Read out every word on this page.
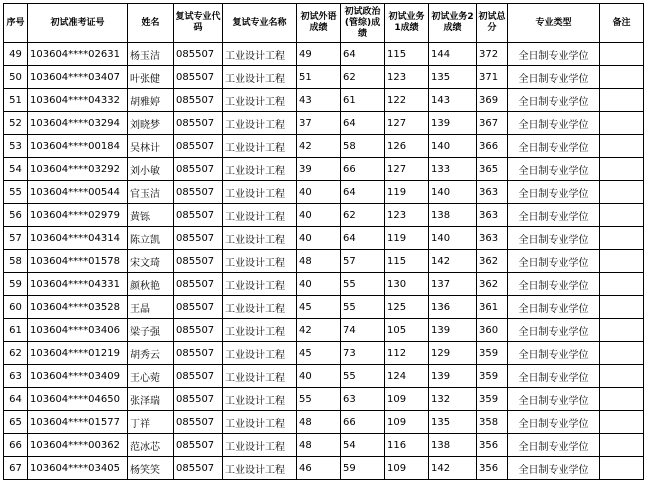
序号	初试准考证号	姓名	复试专业代码	复试专业名称	初试外语成绩	初试政治(管综)成绩	初试业务1成绩	初试业务2成绩	初试总分	专业类型	备注
49	103604****02631	杨玉洁	085507	工业设计工程	49	64	115	144	372	全日制专业学位	
50	103604****03407	叶张健	085507	工业设计工程	51	62	123	135	371	全日制专业学位	
51	103604****04332	胡雅婷	085507	工业设计工程	43	61	122	143	369	全日制专业学位	
52	103604****03294	刘晓梦	085507	工业设计工程	37	64	127	139	367	全日制专业学位	
53	103604****00184	吴林计	085507	工业设计工程	42	58	126	140	366	全日制专业学位	
54	103604****03292	刘小敏	085507	工业设计工程	39	66	127	133	365	全日制专业学位	
55	103604****00544	官玉洁	085507	工业设计工程	40	64	119	140	363	全日制专业学位	
56	103604****02979	黄铄	085507	工业设计工程	40	62	123	138	363	全日制专业学位	
57	103604****04314	陈立凯	085507	工业设计工程	40	64	119	140	363	全日制专业学位	
58	103604****01578	宋文琦	085507	工业设计工程	48	57	115	142	362	全日制专业学位	
59	103604****04331	颜秋艳	085507	工业设计工程	40	55	130	137	362	全日制专业学位	
60	103604****03528	王晶	085507	工业设计工程	45	55	125	136	361	全日制专业学位	
61	103604****03406	梁子强	085507	工业设计工程	42	74	105	139	360	全日制专业学位	
62	103604****01219	胡秀云	085507	工业设计工程	45	73	112	129	359	全日制专业学位	
63	103604****03409	王心菀	085507	工业设计工程	40	55	124	139	359	全日制专业学位	
64	103604****04650	张泽瑞	085507	工业设计工程	55	63	109	132	359	全日制专业学位	
65	103604****01577	丁祥	085507	工业设计工程	48	66	109	135	358	全日制专业学位	
66	103604****00362	范冰芯	085507	工业设计工程	48	54	116	138	356	全日制专业学位	
67	103604****03405	杨笑笑	085507	工业设计工程	46	59	109	142	356	全日制专业学位	
